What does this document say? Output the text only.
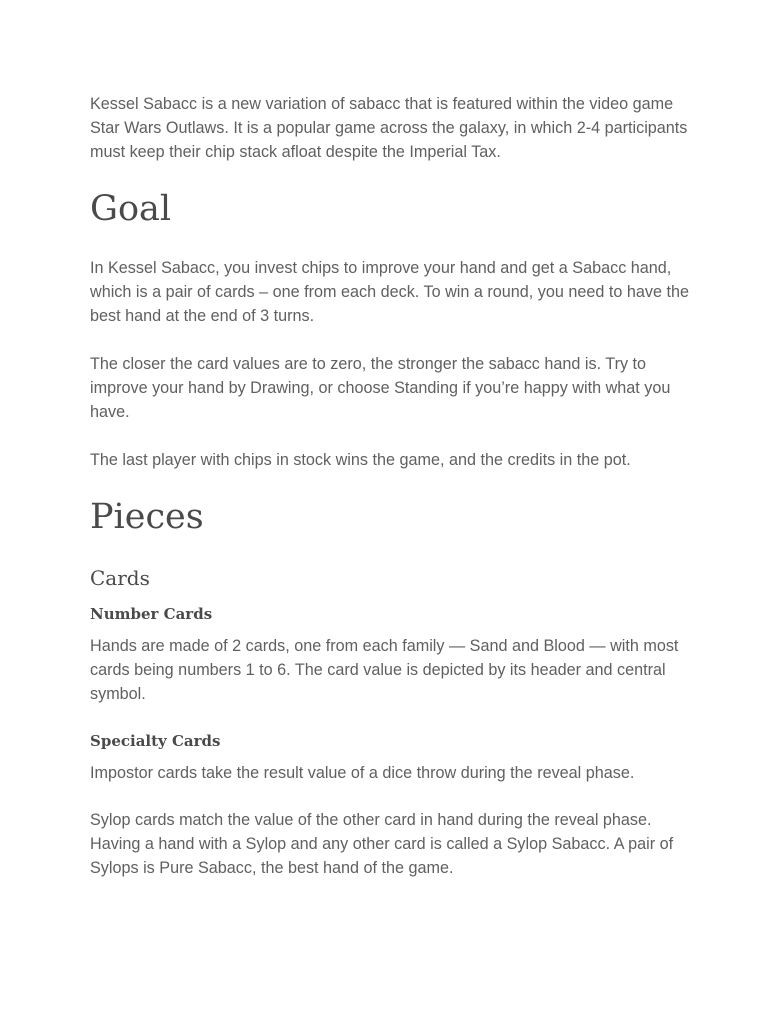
Kessel Sabacc is a new variation of sabacc that is featured within the video game Star Wars Outlaws. It is a popular game across the galaxy, in which 2-4 participants must keep their chip stack afloat despite the Imperial Tax.

Goal

In Kessel Sabacc, you invest chips to improve your hand and get a Sabacc hand, which is a pair of cards – one from each deck. To win a round, you need to have the best hand at the end of 3 turns.

The closer the card values are to zero, the stronger the sabacc hand is. Try to improve your hand by Drawing, or choose Standing if you’re happy with what you have.

The last player with chips in stock wins the game, and the credits in the pot.

Pieces
Cards
Number Cards

Hands are made of 2 cards, one from each family — Sand and Blood — with most cards being numbers 1 to 6. The card value is depicted by its header and central symbol.

Specialty Cards

Impostor cards take the result value of a dice throw during the reveal phase.

Sylop cards match the value of the other card in hand during the reveal phase. Having a hand with a Sylop and any other card is called a Sylop Sabacc. A pair of Sylops is Pure Sabacc, the best hand of the game.
